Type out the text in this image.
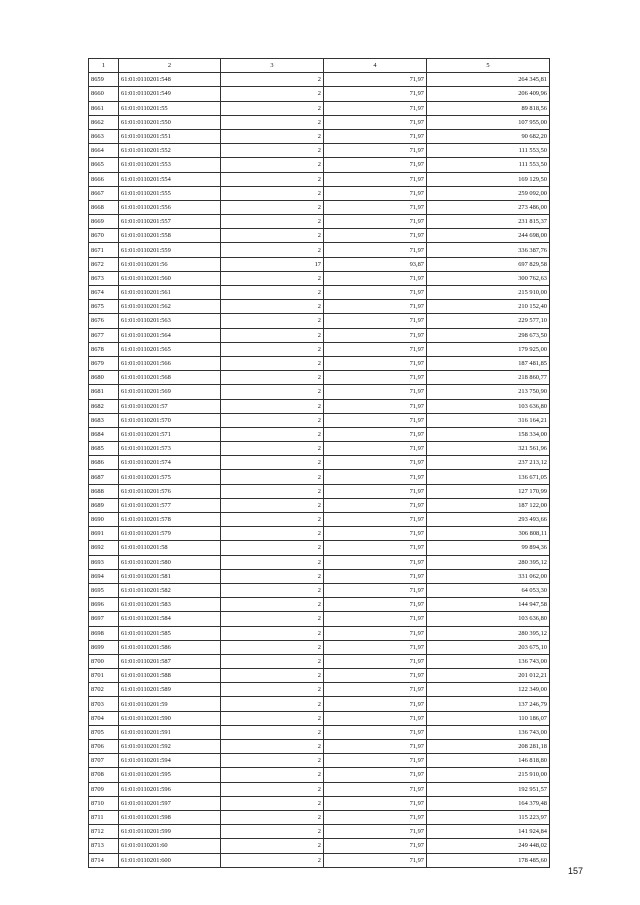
1	2	3	4	5
8659	61:01:0110201:548	2	71,97	264 345,81
8660	61:01:0110201:549	2	71,97	206 409,96
8661	61:01:0110201:55	2	71,97	89 818,56
8662	61:01:0110201:550	2	71,97	107 955,00
8663	61:01:0110201:551	2	71,97	90 682,20
8664	61:01:0110201:552	2	71,97	111 553,50
8665	61:01:0110201:553	2	71,97	111 553,50
8666	61:01:0110201:554	2	71,97	169 129,50
8667	61:01:0110201:555	2	71,97	259 092,00
8668	61:01:0110201:556	2	71,97	273 486,00
8669	61:01:0110201:557	2	71,97	231 815,37
8670	61:01:0110201:558	2	71,97	244 698,00
8671	61:01:0110201:559	2	71,97	336 387,76
8672	61:01:0110201:56	17	93,87	697 829,58
8673	61:01:0110201:560	2	71,97	300 762,63
8674	61:01:0110201:561	2	71,97	215 910,00
8675	61:01:0110201:562	2	71,97	210 152,40
8676	61:01:0110201:563	2	71,97	229 577,10
8677	61:01:0110201:564	2	71,97	298 673,50
8678	61:01:0110201:565	2	71,97	179 925,00
8679	61:01:0110201:566	2	71,97	187 481,85
8680	61:01:0110201:568	2	71,97	218 860,77
8681	61:01:0110201:569	2	71,97	213 750,90
8682	61:01:0110201:57	2	71,97	103 636,80
8683	61:01:0110201:570	2	71,97	316 164,21
8684	61:01:0110201:571	2	71,97	158 334,00
8685	61:01:0110201:573	2	71,97	321 561,96
8686	61:01:0110201:574	2	71,97	237 213,12
8687	61:01:0110201:575	2	71,97	136 671,05
8688	61:01:0110201:576	2	71,97	127 170,99
8689	61:01:0110201:577	2	71,97	187 122,00
8690	61:01:0110201:578	2	71,97	293 493,66
8691	61:01:0110201:579	2	71,97	306 808,11
8692	61:01:0110201:58	2	71,97	99 894,36
8693	61:01:0110201:580	2	71,97	280 395,12
8694	61:01:0110201:581	2	71,97	331 062,00
8695	61:01:0110201:582	2	71,97	64 053,30
8696	61:01:0110201:583	2	71,97	144 947,58
8697	61:01:0110201:584	2	71,97	103 636,80
8698	61:01:0110201:585	2	71,97	280 395,12
8699	61:01:0110201:586	2	71,97	203 675,10
8700	61:01:0110201:587	2	71,97	136 743,00
8701	61:01:0110201:588	2	71,97	201 012,21
8702	61:01:0110201:589	2	71,97	122 349,00
8703	61:01:0110201:59	2	71,97	137 246,79
8704	61:01:0110201:590	2	71,97	110 186,07
8705	61:01:0110201:591	2	71,97	136 743,00
8706	61:01:0110201:592	2	71,97	208 281,18
8707	61:01:0110201:594	2	71,97	146 818,80
8708	61:01:0110201:595	2	71,97	215 910,00
8709	61:01:0110201:596	2	71,97	192 951,57
8710	61:01:0110201:597	2	71,97	164 379,48
8711	61:01:0110201:598	2	71,97	115 223,97
8712	61:01:0110201:599	2	71,97	141 924,84
8713	61:01:0110201:60	2	71,97	249 448,02
8714	61:01:0110201:600	2	71,97	178 485,60
157
